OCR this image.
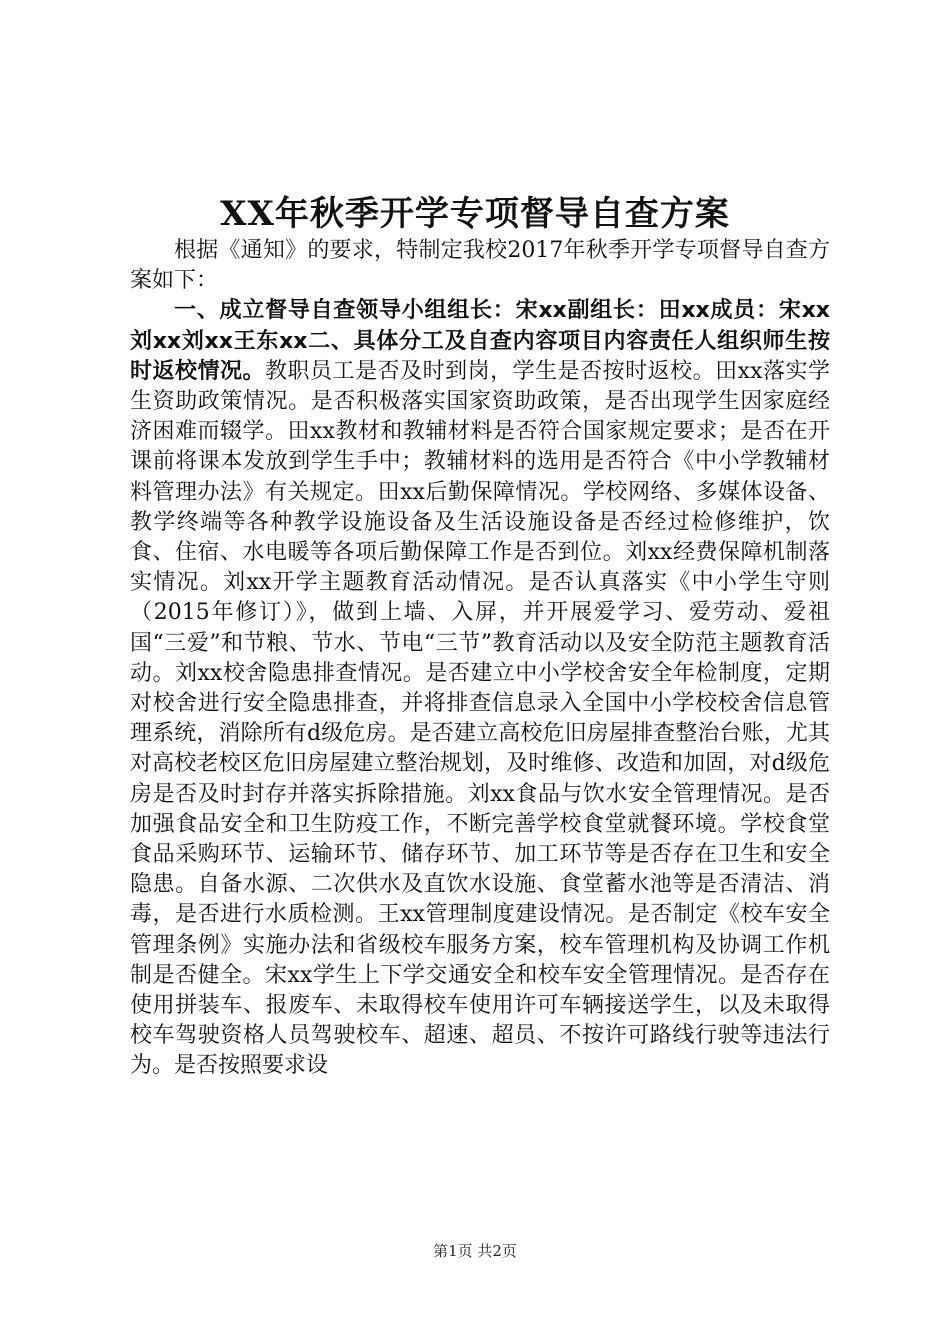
XX年秋季开学专项督导自查方案

根据《通知》的要求，特制定我校2017年秋季开学专项督导自查方案如下：

一、成立督导自查领导小组组长：宋xx副组长：田xx成员：宋xx刘xx刘xx王东xx二、具体分工及自查内容项目内容责任人组织师生按时返校情况。教职员工是否及时到岗，学生是否按时返校。田xx落实学生资助政策情况。是否积极落实国家资助政策，是否出现学生因家庭经济困难而辍学。田xx教材和教辅材料是否符合国家规定要求；是否在开课前将课本发放到学生手中；教辅材料的选用是否符合《中小学教辅材料管理办法》有关规定。田xx后勤保障情况。学校网络、多媒体设备、教学终端等各种教学设施设备及生活设施设备是否经过检修维护，饮食、住宿、水电暖等各项后勤保障工作是否到位。刘xx经费保障机制落实情况。刘xx开学主题教育活动情况。是否认真落实《中小学生守则（2015年修订）》，做到上墙、入屏，并开展爱学习、爱劳动、爱祖国“三爱”和节粮、节水、节电“三节”教育活动以及安全防范主题教育活动。刘xx校舍隐患排查情况。是否建立中小学校舍安全年检制度，定期对校舍进行安全隐患排查，并将排查信息录入全国中小学校校舍信息管理系统，消除所有d级危房。是否建立高校危旧房屋排查整治台账，尤其对高校老校区危旧房屋建立整治规划，及时维修、改造和加固，对d级危房是否及时封存并落实拆除措施。刘xx食品与饮水安全管理情况。是否加强食品安全和卫生防疫工作，不断完善学校食堂就餐环境。学校食堂食品采购环节、运输环节、储存环节、加工环节等是否存在卫生和安全隐患。自备水源、二次供水及直饮水设施、食堂蓄水池等是否清洁、消毒，是否进行水质检测。王xx管理制度建设情况。是否制定《校车安全管理条例》实施办法和省级校车服务方案，校车管理机构及协调工作机制是否健全。宋xx学生上下学交通安全和校车安全管理情况。是否存在使用拼装车、报废车、未取得校车使用许可车辆接送学生，以及未取得校车驾驶资格人员驾驶校车、超速、超员、不按许可路线行驶等违法行为。是否按照要求设

第1页 共2页
